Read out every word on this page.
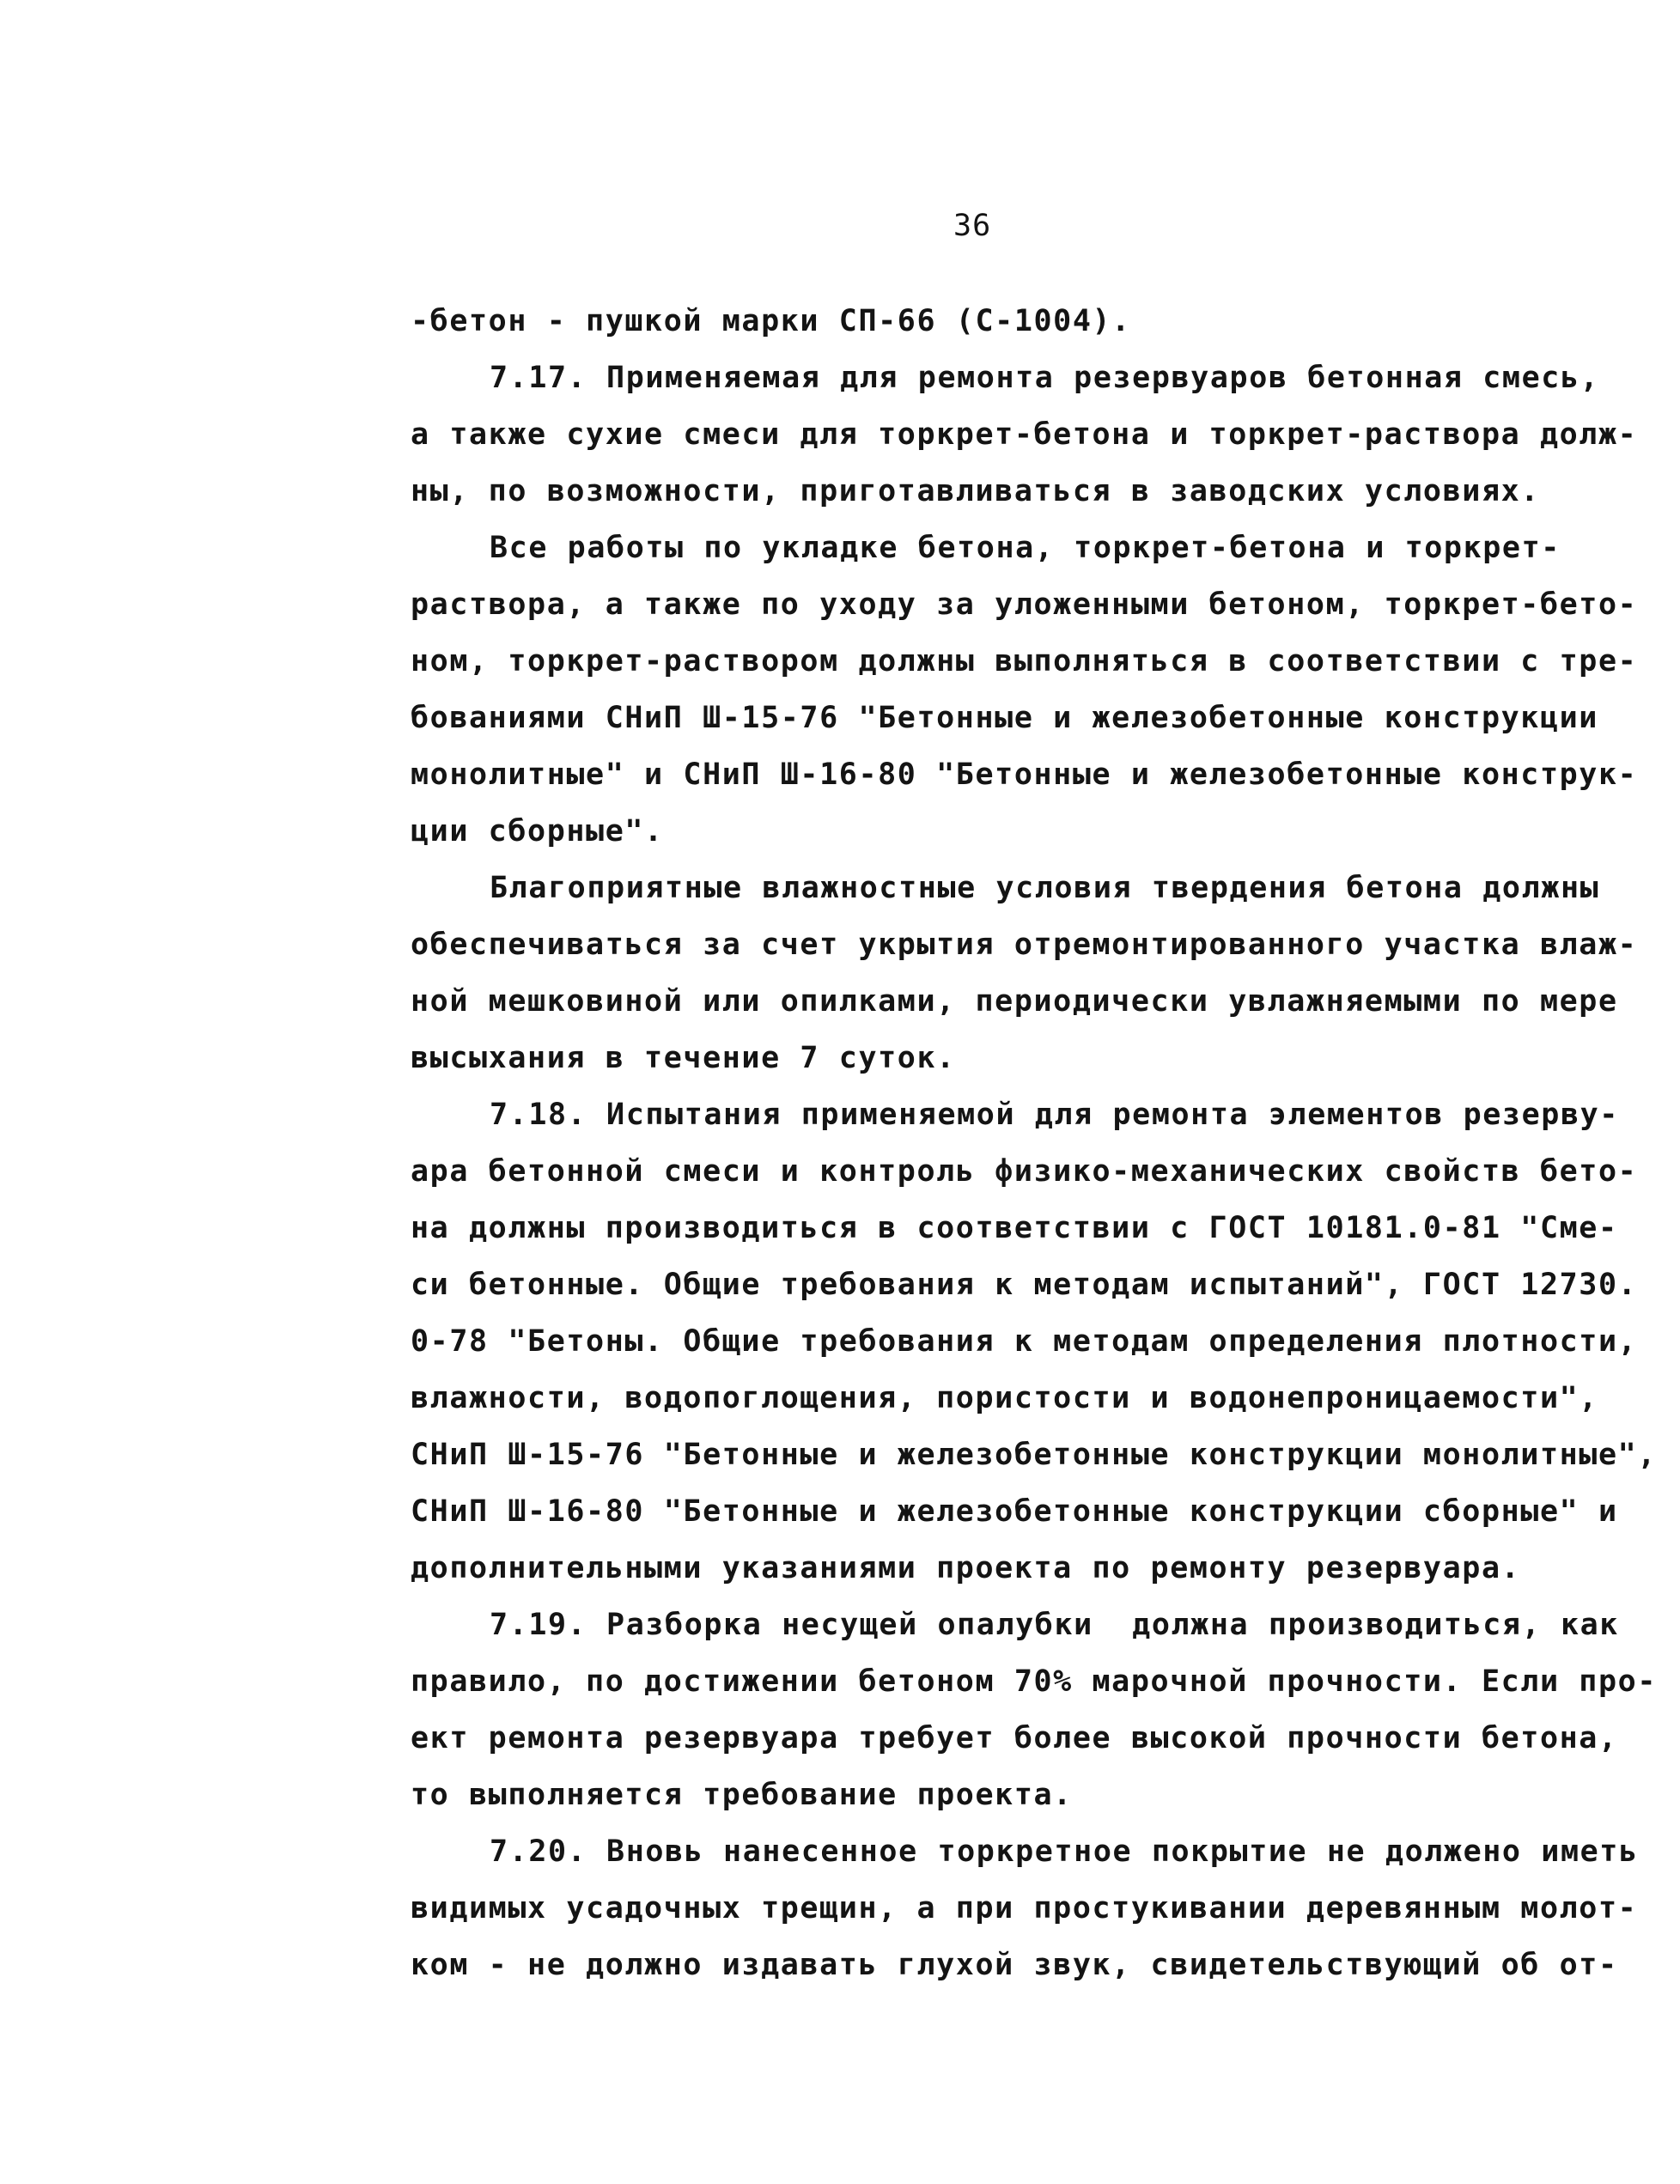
36
-бетон - пушкой марки СП-66 (С-1004).
7.17. Применяемая для ремонта резервуаров бетонная смесь,
а также сухие смеси для торкрет-бетона и торкрет-раствора долж-
ны, по возможности, приготавливаться в заводских условиях.
Все работы по укладке бетона, торкрет-бетона и торкрет-
раствора, а также по уходу за уложенными бетоном, торкрет-бето-
ном, торкрет-раствором должны выполняться в соответствии с тре-
бованиями СНиП Ш-15-76 "Бетонные и железобетонные конструкции
монолитные" и СНиП Ш-16-80 "Бетонные и железобетонные конструк-
ции сборные".
Благоприятные влажностные условия твердения бетона должны
обеспечиваться за счет укрытия отремонтированного участка влаж-
ной мешковиной или опилками, периодически увлажняемыми по мере
высыхания в течение 7 суток.
7.18. Испытания применяемой для ремонта элементов резерву-
ара бетонной смеси и контроль физико-механических свойств бето-
на должны производиться в соответствии с ГОСТ 10181.0-81 "Сме-
си бетонные. Общие требования к методам испытаний", ГОСТ 12730.
0-78 "Бетоны. Общие требования к методам определения плотности,
влажности, водопоглощения, пористости и водонепроницаемости",
СНиП Ш-15-76 "Бетонные и железобетонные конструкции монолитные",
СНиП Ш-16-80 "Бетонные и железобетонные конструкции сборные" и
дополнительными указаниями проекта по ремонту резервуара.
7.19. Разборка несущей опалубки  должна производиться, как
правило, по достижении бетоном 70% марочной прочности. Если про-
ект ремонта резервуара требует более высокой прочности бетона,
то выполняется требование проекта.
7.20. Вновь нанесенное торкретное покрытие не должено иметь
видимых усадочных трещин, а при простукивании деревянным молот-
ком - не должно издавать глухой звук, свидетельствующий об от-
